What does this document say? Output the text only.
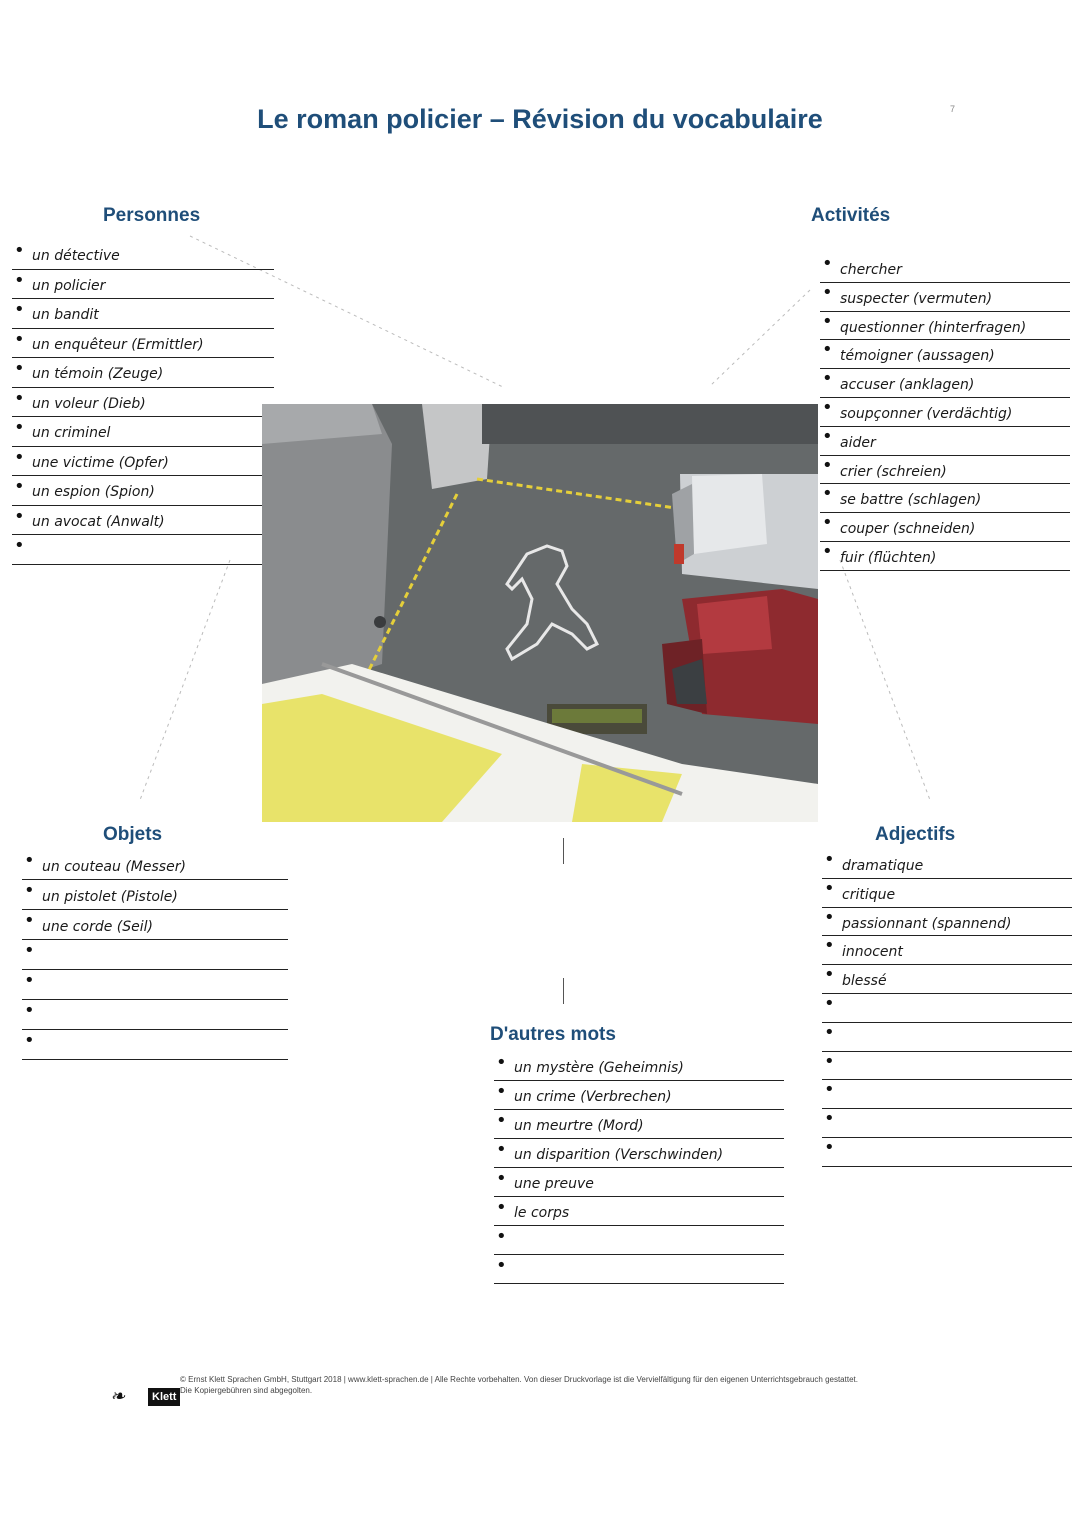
Le roman policier – Révision du vocabulaire	7
Personnes
• un détective
• un policier
• un bandit
• un enquêteur (Ermittler)
• un témoin (Zeuge)
• un voleur (Dieb)
• un criminel
• une victime (Opfer)
• un espion (Spion)
• un avocat (Anwalt)
•
Activités
• chercher
• suspecter (vermuten)
• questionner (hinterfragen)
• témoigner (aussagen)
• accuser (anklagen)
• soupçonner (verdächtig)
• aider
• crier (schreien)
• se battre (schlagen)
• couper (schneiden)
• fuir (flüchten)
Objets
• un couteau (Messer)
• un pistolet (Pistole)
• une corde (Seil)
•
•
•
•
Adjectifs
• dramatique
• critique
• passionnant (spannend)
• innocent
• blessé
•
•
•
•
•
•
D'autres mots
• un mystère (Geheimnis)
• un crime (Verbrechen)
• un meurtre (Mord)
• un disparition (Verschwinden)
• une preuve
• le corps
•
•
❧	Klett
© Ernst Klett Sprachen GmbH, Stuttgart 2018 | www.klett-sprachen.de | Alle Rechte vorbehalten. Von dieser Druckvorlage ist die Vervielfältigung für den eigenen Unterrichtsgebrauch gestattet.
Die Kopiergebühren sind abgegolten.
